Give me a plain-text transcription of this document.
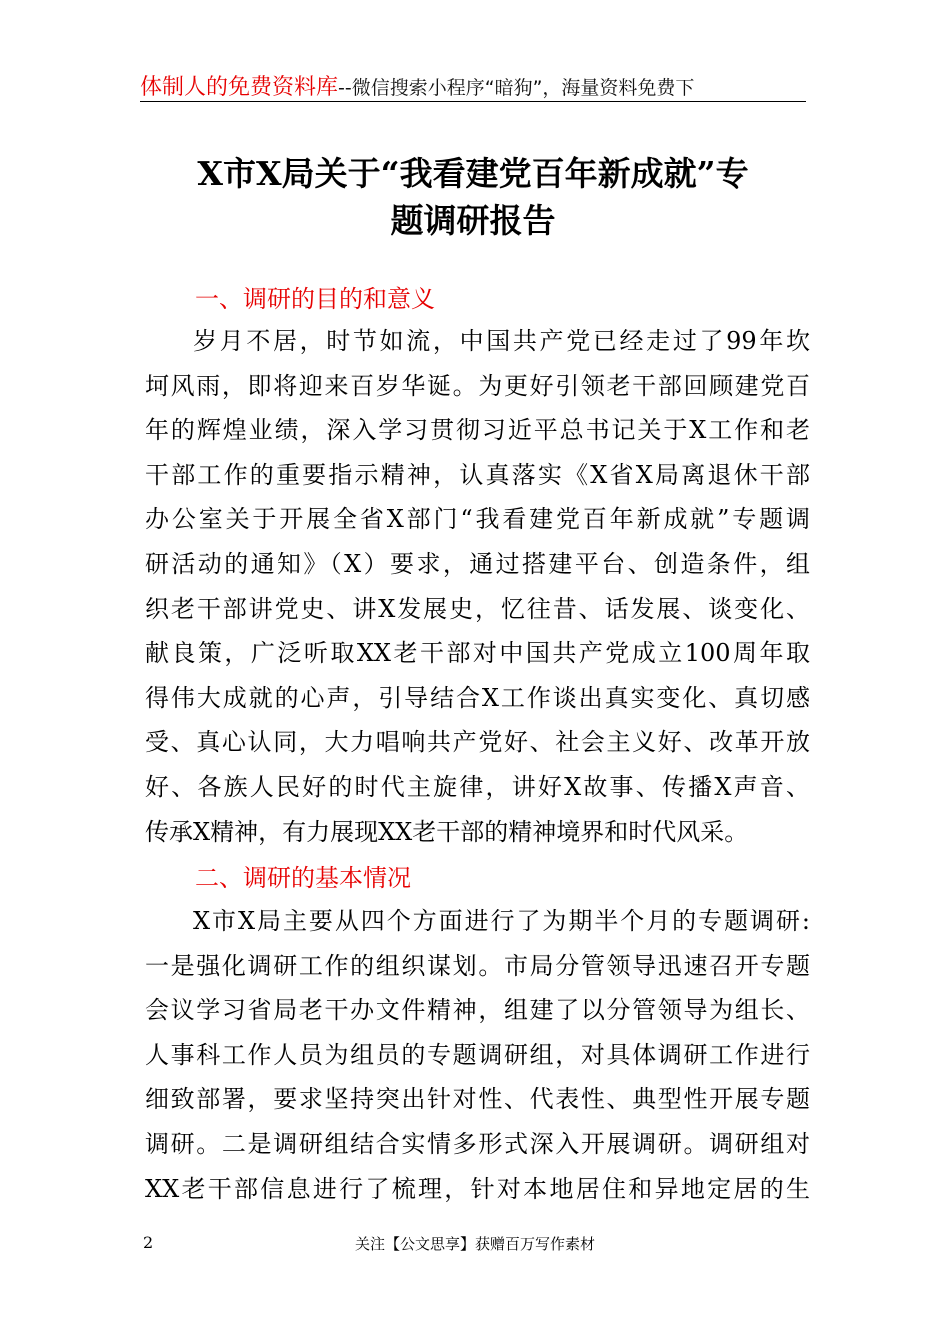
体制人的免费资料库--微信搜索小程序“暗狗”，海量资料免费下
X市X局关于“我看建党百年新成就”专
题调研报告
一、调研的目的和意义
岁月不居，时节如流，中国共产党已经走过了99年坎
坷风雨，即将迎来百岁华诞。为更好引领老干部回顾建党百
年的辉煌业绩，深入学习贯彻习近平总书记关于X工作和老
干部工作的重要指示精神，认真落实《X省X局离退休干部
办公室关于开展全省X部门“我看建党百年新成就”专题调
研活动的通知》（X）要求，通过搭建平台、创造条件，组
织老干部讲党史、讲X发展史，忆往昔、话发展、谈变化、
献良策，广泛听取XX老干部对中国共产党成立100周年取
得伟大成就的心声，引导结合X工作谈出真实变化、真切感
受、真心认同，大力唱响共产党好、社会主义好、改革开放
好、各族人民好的时代主旋律，讲好X故事、传播X声音、
传承X精神，有力展现XX老干部的精神境界和时代风采。
二、调研的基本情况
X市X局主要从四个方面进行了为期半个月的专题调研:
一是强化调研工作的组织谋划。市局分管领导迅速召开专题
会议学习省局老干办文件精神，组建了以分管领导为组长、
人事科工作人员为组员的专题调研组，对具体调研工作进行
细致部署，要求坚持突出针对性、代表性、典型性开展专题
调研。二是调研组结合实情多形式深入开展调研。调研组对
XX老干部信息进行了梳理，针对本地居住和异地定居的生
2	关注【公文思享】获赠百万写作素材
